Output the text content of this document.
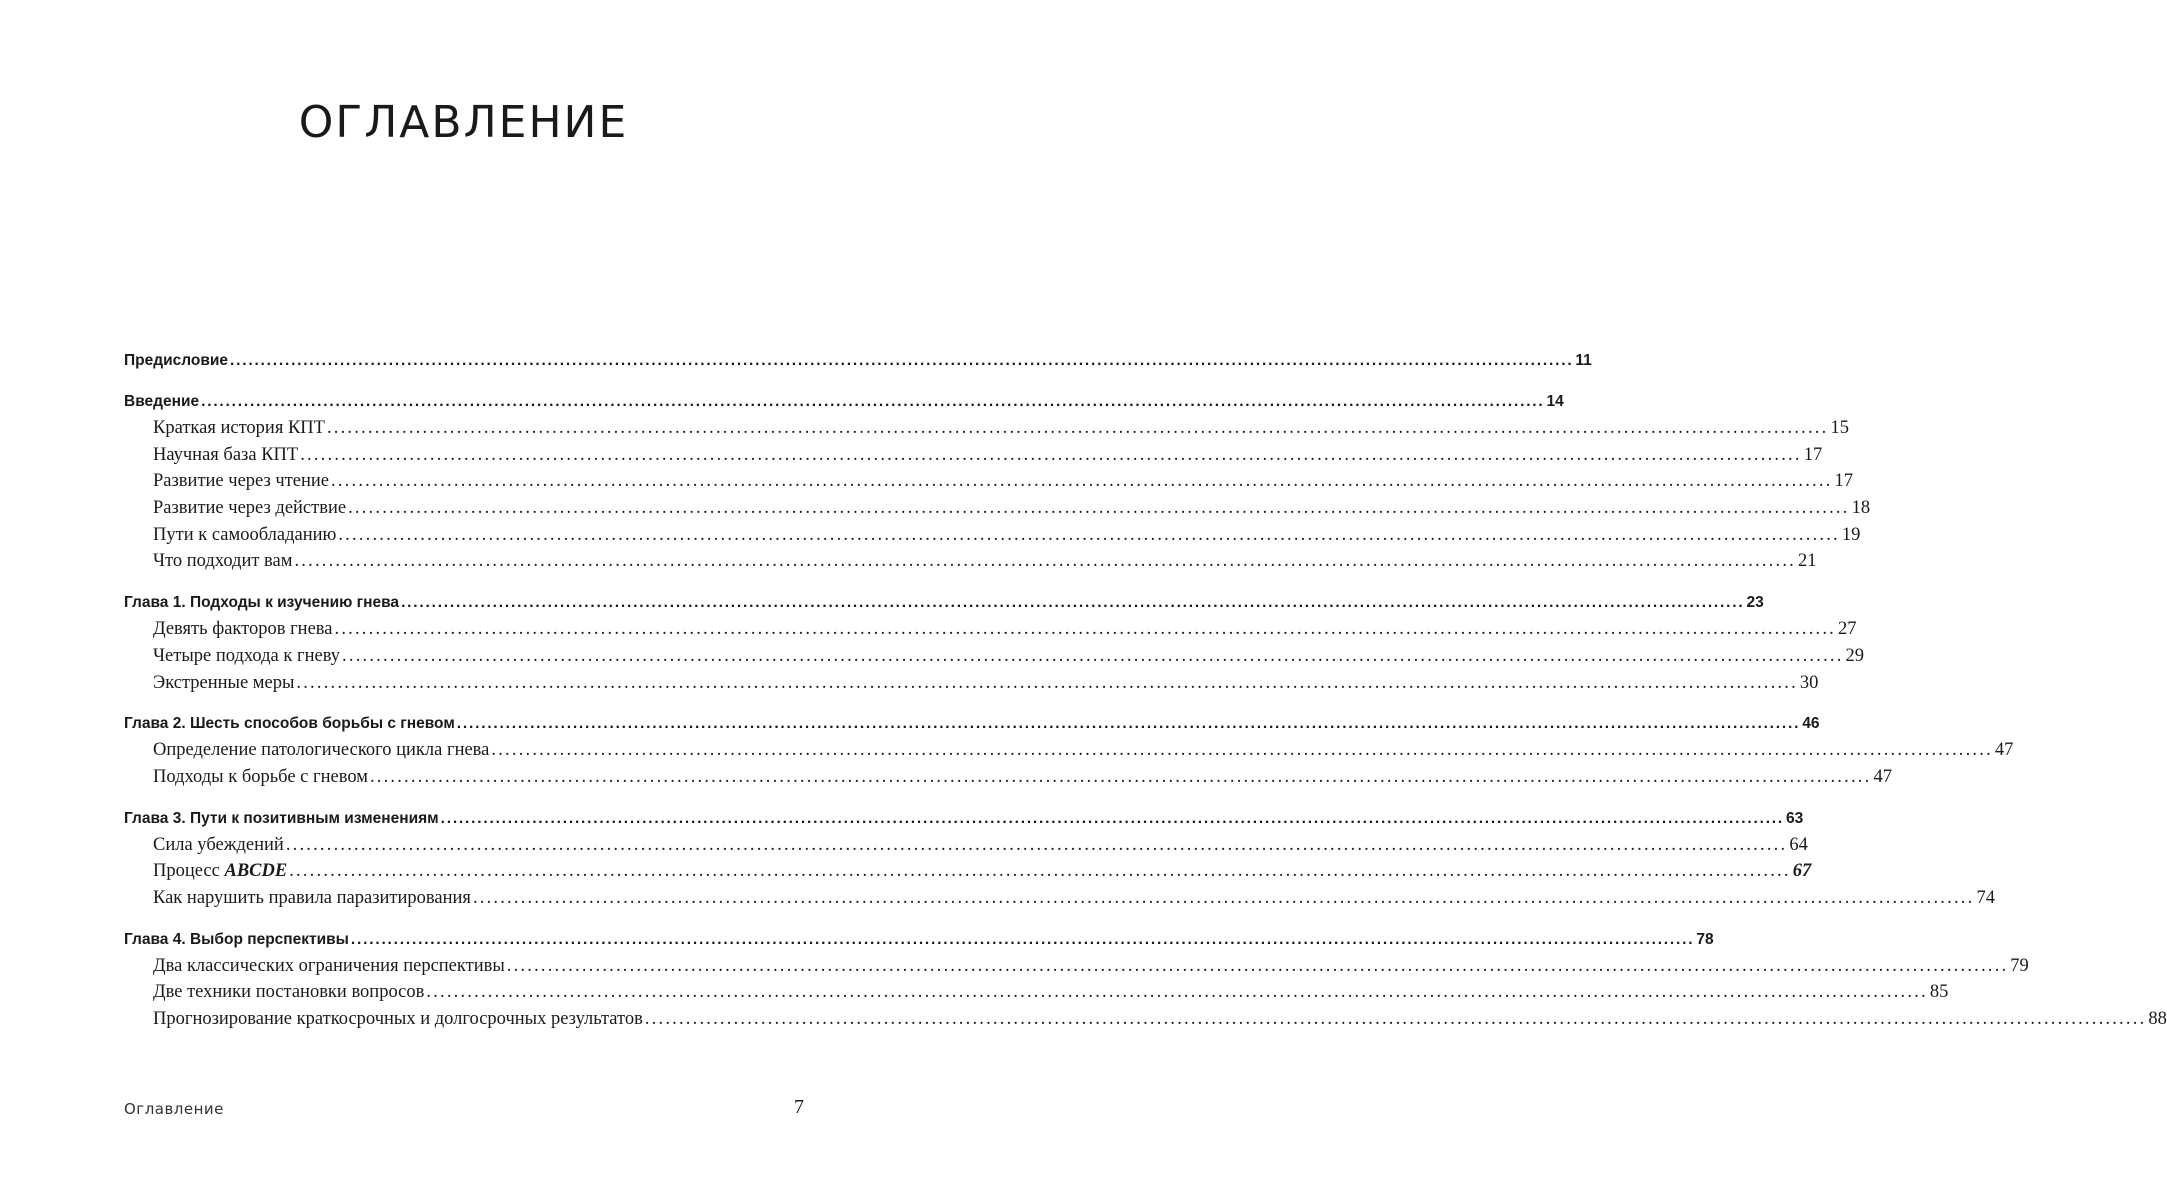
ОГЛАВЛЕНИЕ
Предисловие ............................................................................................................................................................................................................................ 11
Введение ............................................................................................................................................................................................................................ 14
Краткая история КПТ ............................................................................................................................................................................................................................ 15
Научная база КПТ ............................................................................................................................................................................................................................ 17
Развитие через чтение ............................................................................................................................................................................................................................ 17
Развитие через действие ............................................................................................................................................................................................................................ 18
Пути к самообладанию ............................................................................................................................................................................................................................ 19
Что подходит вам ............................................................................................................................................................................................................................ 21
Глава 1. Подходы к изучению гнева ............................................................................................................................................................................................................................ 23
Девять факторов гнева ............................................................................................................................................................................................................................ 27
Четыре подхода к гневу ............................................................................................................................................................................................................................ 29
Экстренные меры ............................................................................................................................................................................................................................ 30
Глава 2. Шесть способов борьбы с гневом ............................................................................................................................................................................................................................ 46
Определение патологического цикла гнева ............................................................................................................................................................................................................................ 47
Подходы к борьбе с гневом ............................................................................................................................................................................................................................ 47
Глава 3. Пути к позитивным изменениям ............................................................................................................................................................................................................................ 63
Сила убеждений ............................................................................................................................................................................................................................ 64
Процесс ABCDE ............................................................................................................................................................................................................................ 67
Как нарушить правила паразитирования ............................................................................................................................................................................................................................ 74
Глава 4. Выбор перспективы ............................................................................................................................................................................................................................ 78
Два классических ограничения перспективы ............................................................................................................................................................................................................................ 79
Две техники постановки вопросов ............................................................................................................................................................................................................................ 85
Прогнозирование краткосрочных и долгосрочных результатов ............................................................................................................................................................................................................................ 88
Оглавление	7
